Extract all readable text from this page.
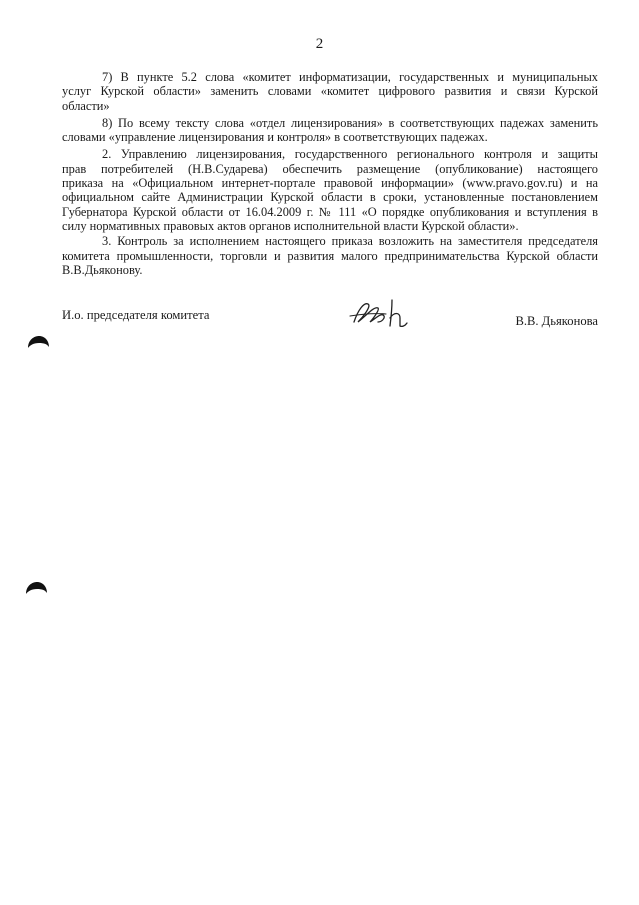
2
7) В пункте 5.2 слова «комитет информатизации, государственных и муниципальных
услуг Курской области» заменить словами «комитет цифрового развития и связи Курской
области»
8) По всему тексту слова «отдел лицензирования» в соответствующих падежах заменить
словами «управление лицензирования и контроля» в соответствующих падежах.
2. Управлению лицензирования, государственного регионального контроля и защиты
прав потребителей (Н.В.Сударева) обеспечить размещение (опубликование) настоящего
приказа на «Официальном интернет-портале правовой информации» (www.pravo.gov.ru) и на
официальном сайте Администрации Курской области в сроки, установленные постановлением
Губернатора Курской области от 16.04.2009 г. № 111 «О порядке опубликования и вступления в
силу нормативных правовых актов органов исполнительной власти Курской области».
3. Контроль за исполнением настоящего приказа возложить на заместителя председателя
комитета промышленности, торговли и развития малого предпринимательства Курской области
В.В.Дьяконову.
И.о. председателя комитета	В.В. Дьяконова
